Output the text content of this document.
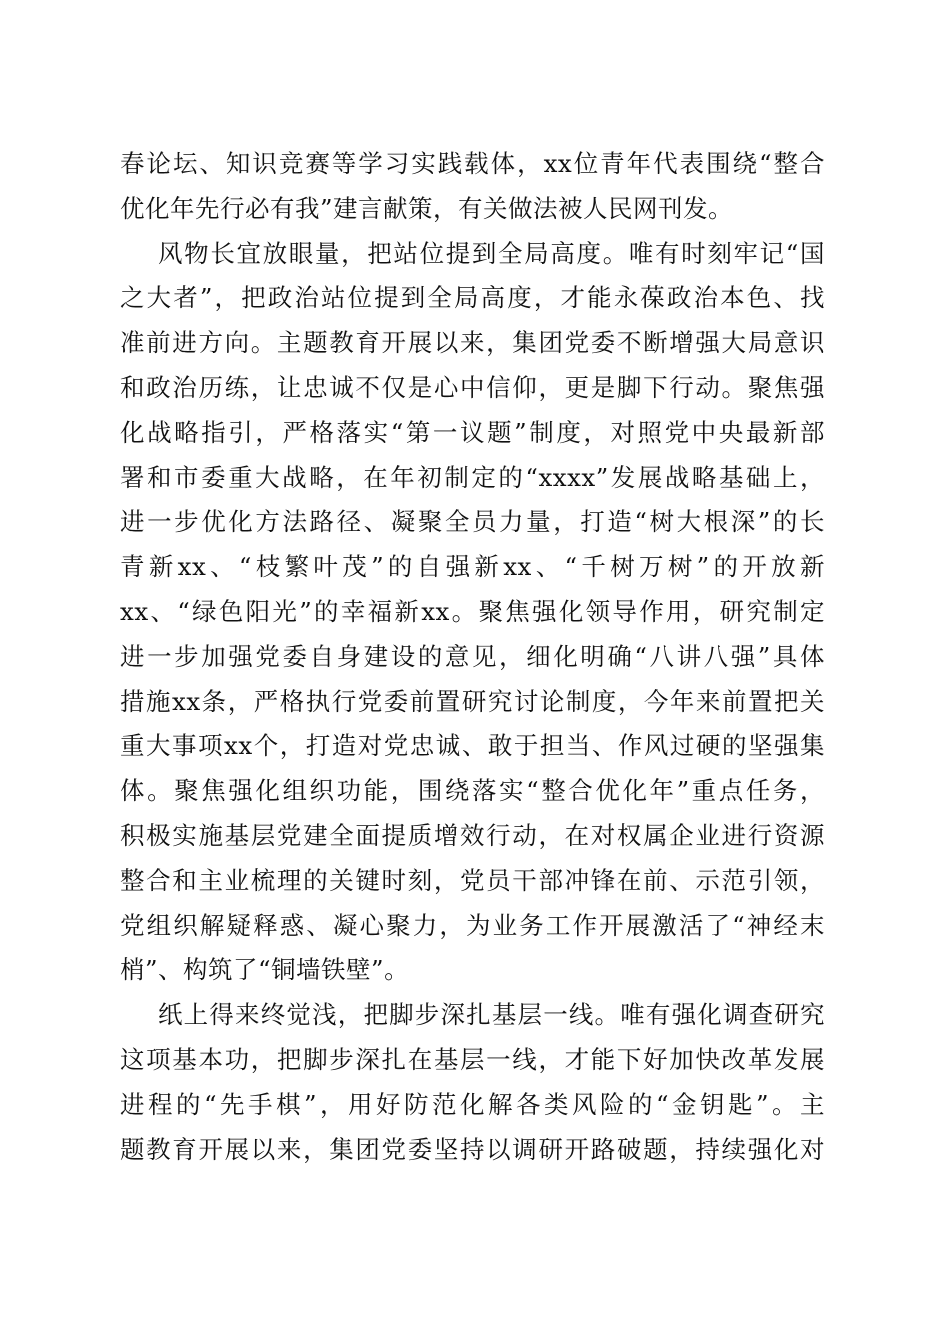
春论坛、知识竞赛等学习实践载体，xx位青年代表围绕“整合
优化年先行必有我”建言献策，有关做法被人民网刊发。
风物长宜放眼量，把站位提到全局高度。唯有时刻牢记“国
之大者”，把政治站位提到全局高度，才能永葆政治本色、找
准前进方向。主题教育开展以来，集团党委不断增强大局意识
和政治历练，让忠诚不仅是心中信仰，更是脚下行动。聚焦强
化战略指引，严格落实“第一议题”制度，对照党中央最新部
署和市委重大战略，在年初制定的“xxxx”发展战略基础上，
进一步优化方法路径、凝聚全员力量，打造“树大根深”的长
青新xx、“枝繁叶茂”的自强新xx、“千树万树”的开放新
xx、“绿色阳光”的幸福新xx。聚焦强化领导作用，研究制定
进一步加强党委自身建设的意见，细化明确“八讲八强”具体
措施xx条，严格执行党委前置研究讨论制度，今年来前置把关
重大事项xx个，打造对党忠诚、敢于担当、作风过硬的坚强集
体。聚焦强化组织功能，围绕落实“整合优化年”重点任务，
积极实施基层党建全面提质增效行动，在对权属企业进行资源
整合和主业梳理的关键时刻，党员干部冲锋在前、示范引领，
党组织解疑释惑、凝心聚力，为业务工作开展激活了“神经末
梢”、构筑了“铜墙铁壁”。
纸上得来终觉浅，把脚步深扎基层一线。唯有强化调查研究
这项基本功，把脚步深扎在基层一线，才能下好加快改革发展
进程的“先手棋”，用好防范化解各类风险的“金钥匙”。主
题教育开展以来，集团党委坚持以调研开路破题，持续强化对
